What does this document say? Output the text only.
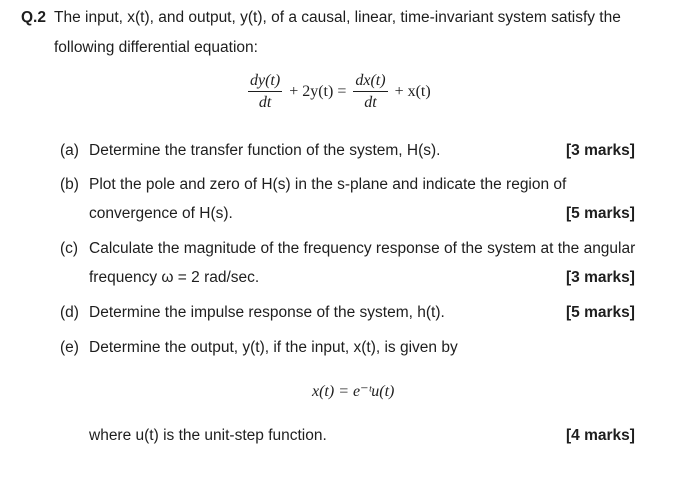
Q.2 The input, x(t), and output, y(t), of a causal, linear, time-invariant system satisfy the
following differential equation:
$\frac{dy(t)}{dt} + 2y(t) = \frac{dx(t)}{dt} + x(t)$
(a) Determine the transfer function of the system, H(s).	[3 marks]
(b) Plot the pole and zero of H(s) in the s-plane and indicate the region of
convergence of H(s).	[5 marks]
(c) Calculate the magnitude of the frequency response of the system at the angular
frequency ω = 2 rad/sec.	[3 marks]
(d) Determine the impulse response of the system, h(t).	[5 marks]
(e) Determine the output, y(t), if the input, x(t), is given by
x(t) = e⁻ᵗu(t)
where u(t) is the unit-step function.	[4 marks]
